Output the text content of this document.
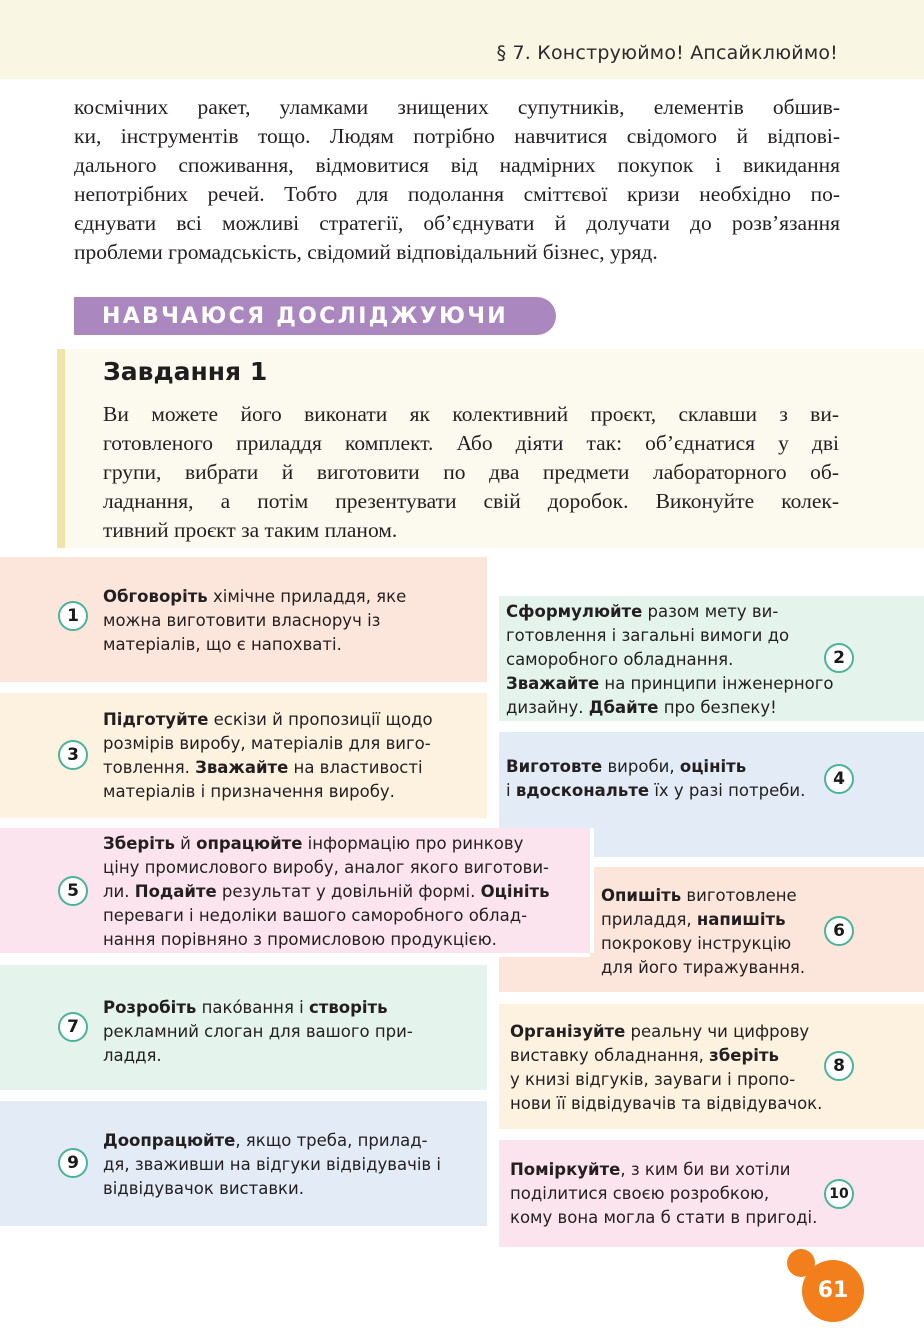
§ 7. Конструюймо! Апсайклюймо!
космічних ракет, уламками знищених супутників, елементів обшив-
ки, інструментів тощо. Людям потрібно навчитися свідомого й відпові-
дального споживання, відмовитися від надмірних покупок і викидання
непотрібних речей. Тобто для подолання сміттєвої кризи необхідно по-
єднувати всі можливі стратегії, об’єднувати й долучати до розв’язання
проблеми громадськість, свідомий відповідальний бізнес, уряд.
НАВЧАЮСЯ ДОСЛІДЖУЮЧИ
Завдання 1
Ви можете його виконати як колективний проєкт, склавши з ви-
готовленого приладдя комплект. Або діяти так: об’єднатися у дві
групи, вибрати й виготовити по два предмети лабораторного об-
ладнання, а потім презентувати свій доробок. Виконуйте колек-
тивний проєкт за таким планом.
Обговоріть хімічне приладдя, яке
можна виготовити власноруч із
матеріалів, що є напохваті.
Сформулюйте разом мету ви-
готовлення і загальні вимоги до
саморобного обладнання.
Зважайте на принципи інженерного
дизайну. Дбайте про безпеку!
Підготуйте ескізи й пропозиції щодо
розмірів виробу, матеріалів для виго-
товлення. Зважайте на властивості
матеріалів і призначення виробу.
Виготовте вироби, оцініть
і вдоскональте їх у разі потреби.
Зберіть й опрацюйте інформацію про ринкову
ціну промислового виробу, аналог якого виготови-
ли. Подайте результат у довільній формі. Оцініть
переваги і недоліки вашого саморобного облад-
нання порівняно з промисловою продукцією.
Опишіть виготовлене
приладдя, напишіть
покрокову інструкцію
для його тиражування.
Розробіть пако́вання і створіть
рекламний слоган для вашого при-
ладдя.
Організуйте реальну чи цифрову
виставку обладнання, зберіть
у книзі відгуків, зауваги і пропо-
нови її відвідувачів та відвідувачок.
Доопрацюйте, якщо треба, прилад-
дя, зваживши на відгуки відвідувачів і
відвідувачок виставки.
Поміркуйте, з ким би ви хотіли
поділитися своєю розробкою,
кому вона могла б стати в пригоді.
1
2
3
4
5
6
7
8
9
10
61
